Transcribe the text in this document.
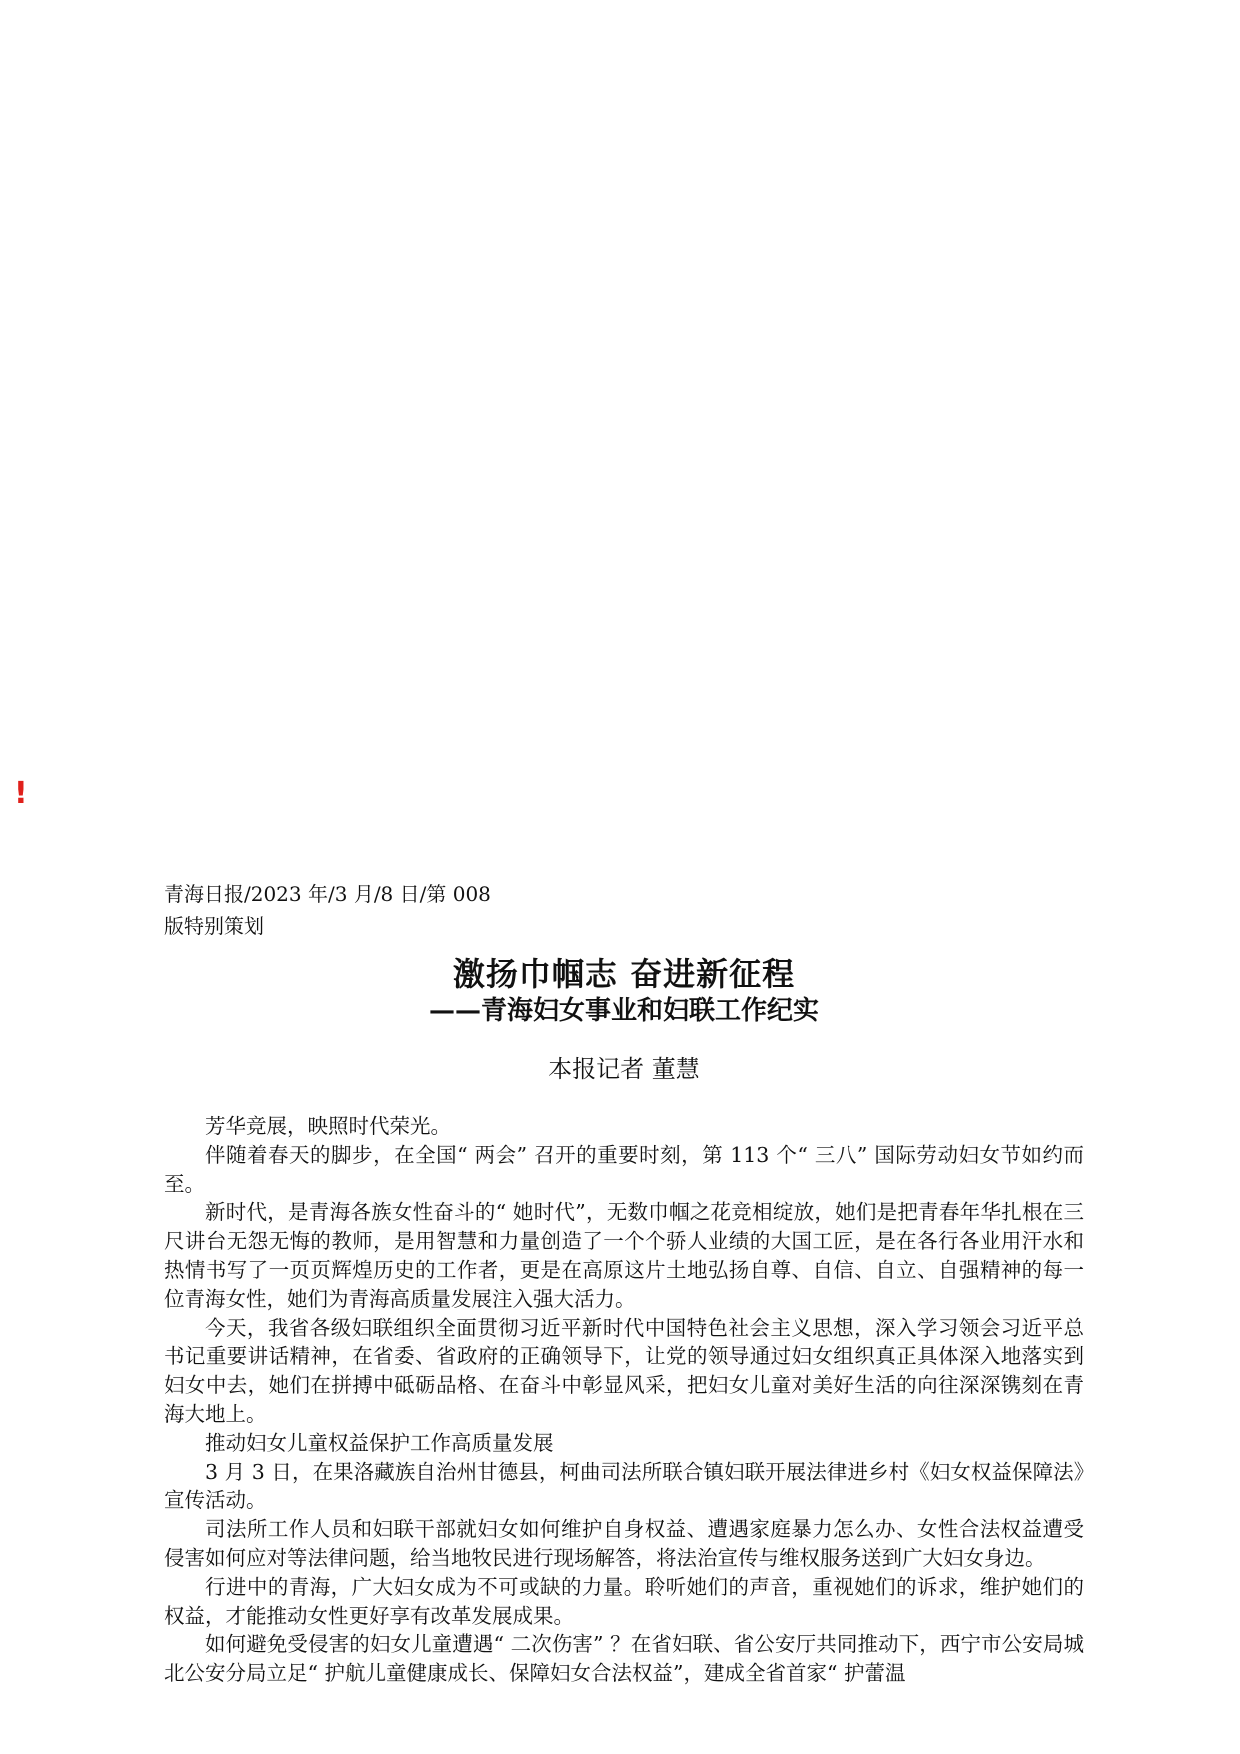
!

青海日报/2023 年/3 月/8 日/第 008

版特别策划

激扬巾帼志 奋进新征程
——青海妇女事业和妇联工作纪实
本报记者 董慧

芳华竞展，映照时代荣光。

伴随着春天的脚步，在全国“ 两会” 召开的重要时刻，第 113 个“ 三八” 国际劳动妇女节如约而至。

新时代，是青海各族女性奋斗的“ 她时代”，无数巾帼之花竞相绽放，她们是把青春年华扎根在三尺讲台无怨无悔的教师，是用智慧和力量创造了一个个骄人业绩的大国工匠，是在各行各业用汗水和热情书写了一页页辉煌历史的工作者，更是在高原这片土地弘扬自尊、自信、自立、自强精神的每一位青海女性，她们为青海高质量发展注入强大活力。

今天，我省各级妇联组织全面贯彻习近平新时代中国特色社会主义思想，深入学习领会习近平总书记重要讲话精神，在省委、省政府的正确领导下，让党的领导通过妇女组织真正具体深入地落实到妇女中去，她们在拼搏中砥砺品格、在奋斗中彰显风采，把妇女儿童对美好生活的向往深深镌刻在青海大地上。

推动妇女儿童权益保护工作高质量发展

3 月 3 日，在果洛藏族自治州甘德县，柯曲司法所联合镇妇联开展法律进乡村《妇女权益保障法》宣传活动。

司法所工作人员和妇联干部就妇女如何维护自身权益、遭遇家庭暴力怎么办、女性合法权益遭受侵害如何应对等法律问题，给当地牧民进行现场解答，将法治宣传与维权服务送到广大妇女身边。

行进中的青海，广大妇女成为不可或缺的力量。聆听她们的声音，重视她们的诉求，维护她们的权益，才能推动女性更好享有改革发展成果。

如何避免受侵害的妇女儿童遭遇“ 二次伤害” ？在省妇联、省公安厅共同推动下，西宁市公安局城北公安分局立足“ 护航儿童健康成长、保障妇女合法权益”，建成全省首家“ 护蕾温
